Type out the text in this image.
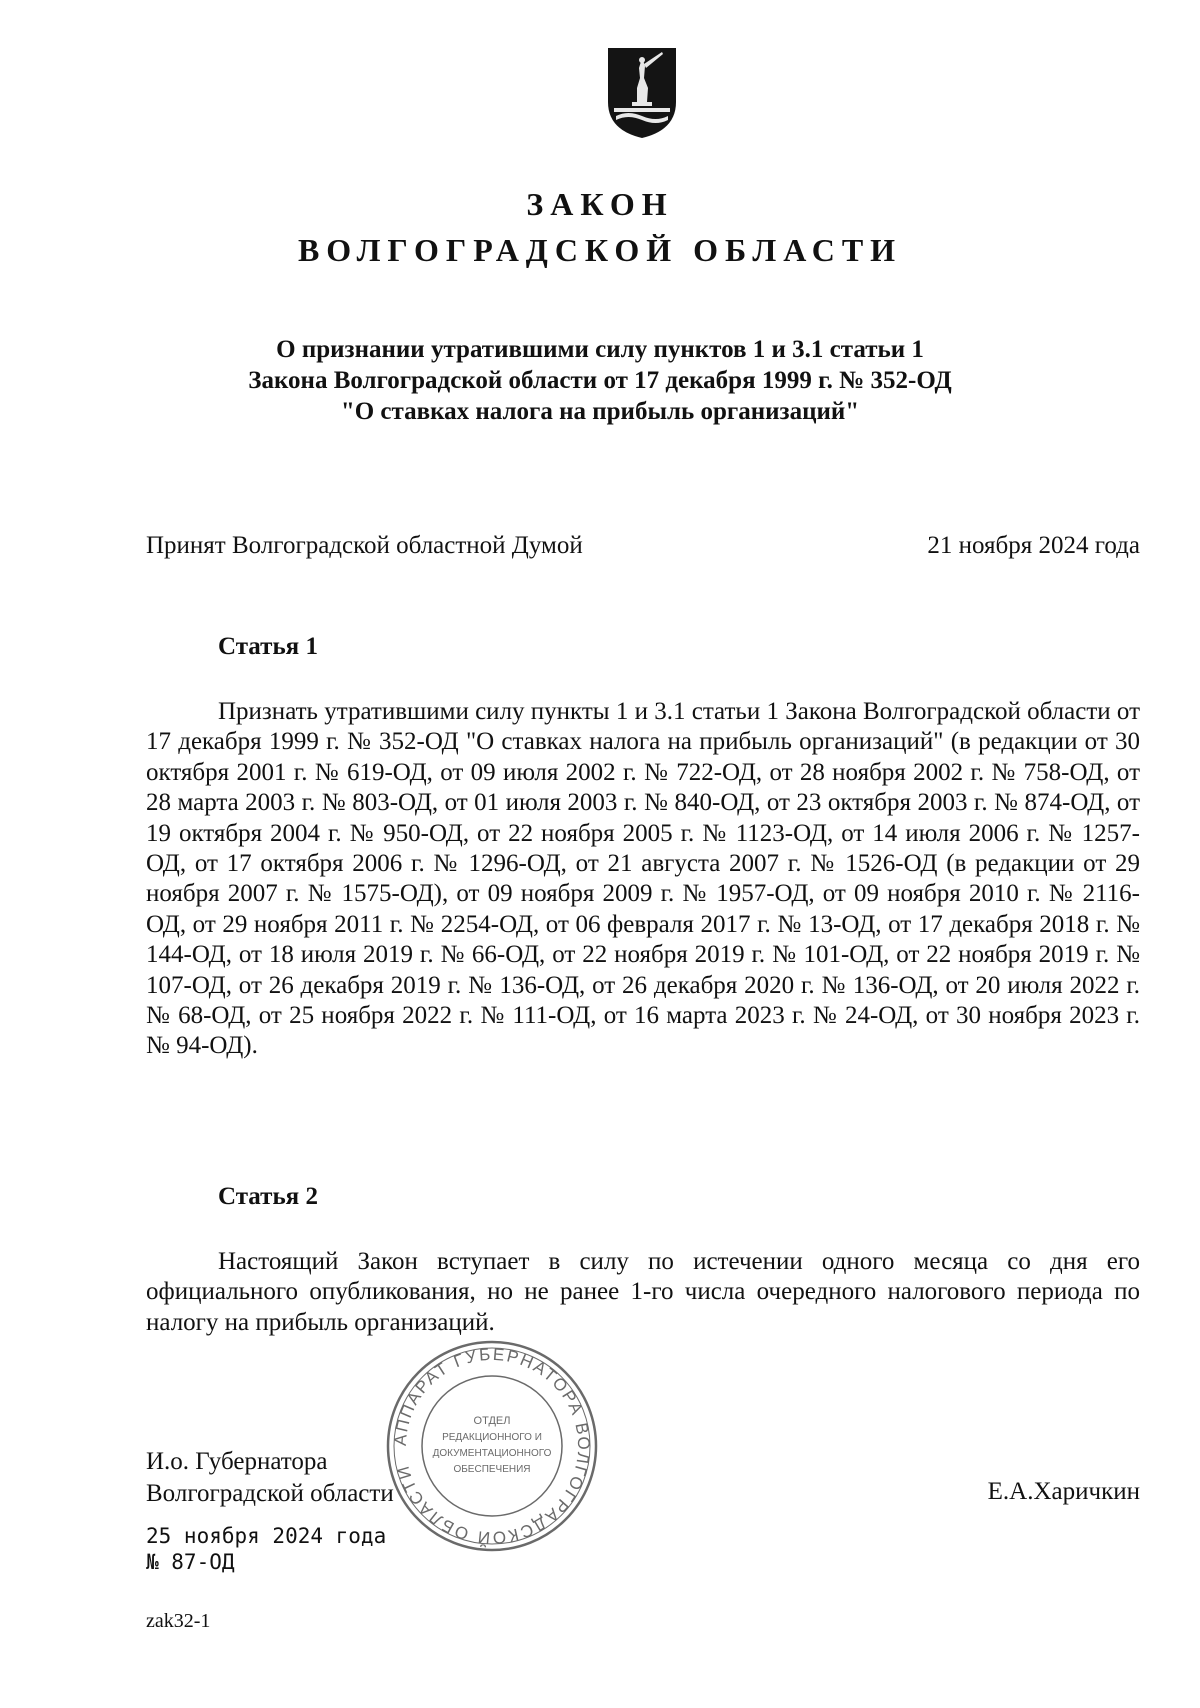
ЗАКОН
ВОЛГОГРАДСКОЙ ОБЛАСТИ
О признании утратившими силу пунктов 1 и 3.1 статьи 1
Закона Волгоградской области от 17 декабря 1999 г. № 352-ОД
"О ставках налога на прибыль организаций"
Принят Волгоградской областной Думой	21 ноября 2024 года
Статья 1

Признать утратившими силу пункты 1 и 3.1 статьи 1 Закона Волгоградской области от 17 декабря 1999 г. № 352-ОД "О ставках налога на прибыль организаций" (в редакции от 30 октября 2001 г. № 619-ОД, от 09 июля 2002 г. № 722-ОД, от 28 ноября 2002 г. № 758-ОД, от 28 марта 2003 г. № 803-ОД, от 01 июля 2003 г. № 840-ОД, от 23 октября 2003 г. № 874-ОД, от 19 октября 2004 г. № 950-ОД, от 22 ноября 2005 г. № 1123-ОД, от 14 июля 2006 г. № 1257-ОД, от 17 октября 2006 г. № 1296-ОД, от 21 августа 2007 г. № 1526-ОД (в редакции от 29 ноября 2007 г. № 1575-ОД), от 09 ноября 2009 г. № 1957-ОД, от 09 ноября 2010 г. № 2116-ОД, от 29 ноября 2011 г. № 2254-ОД, от 06 февраля 2017 г. № 13-ОД, от 17 декабря 2018 г. № 144-ОД, от 18 июля 2019 г. № 66-ОД, от 22 ноября 2019 г. № 101-ОД, от 22 ноября 2019 г. № 107-ОД, от 26 декабря 2019 г. № 136-ОД, от 26 декабря 2020 г. № 136-ОД, от 20 июля 2022 г. № 68-ОД, от 25 ноября 2022 г. № 111-ОД, от 16 марта 2023 г. № 24-ОД, от 30 ноября 2023 г. № 94-ОД).

Статья 2

Настоящий Закон вступает в силу по истечении одного месяца со дня его официального опубликования, но не ранее 1-го числа очередного налогового периода по налогу на прибыль организаций.

АППАРАТ ГУБЕРНАТОРА ВОЛГОГРАДСКОЙ ОБЛАСТИ
ОТДЕЛ
РЕДАКЦИОННОГО И
ДОКУМЕНТАЦИОННОГО
ОБЕСПЕЧЕНИЯ
И.о. Губернатора
Волгоградской области	Е.А.Харичкин
25 ноября 2024 года
№ 87-ОД
zak32-1
